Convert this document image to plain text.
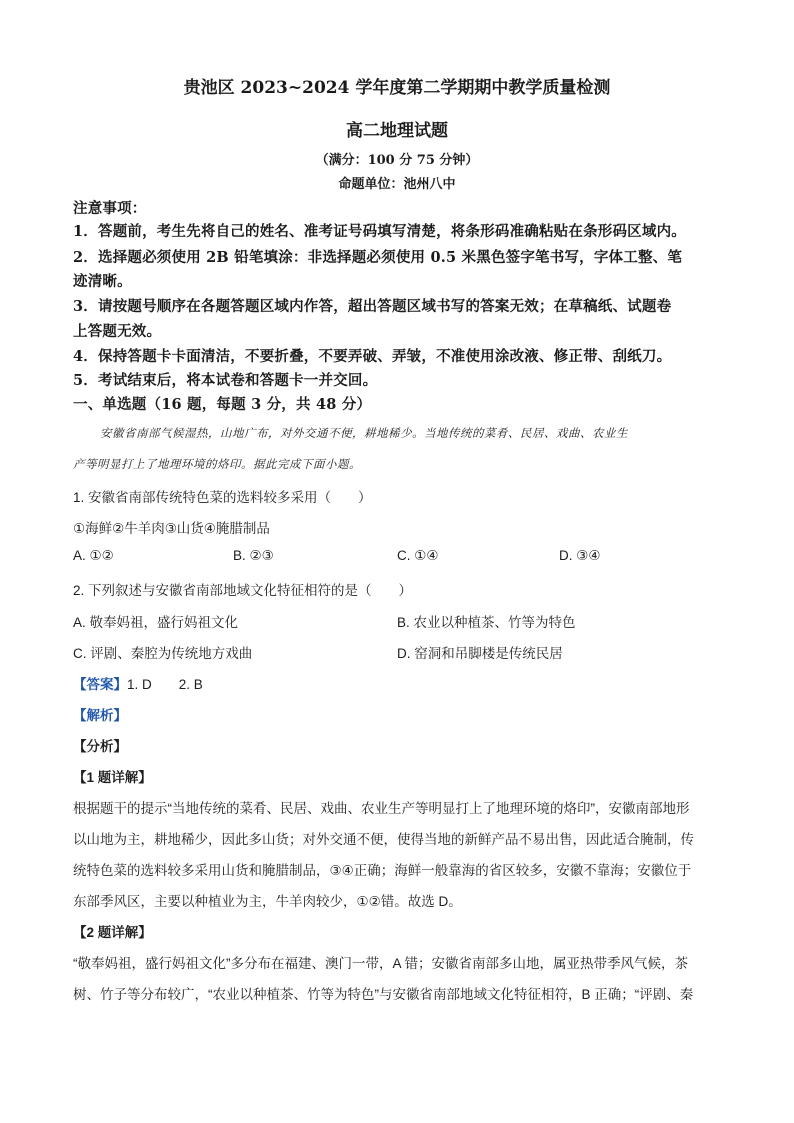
贵池区 2023~2024 学年度第二学期期中教学质量检测
高二地理试题
（满分：100 分 75 分钟）
命题单位：池州八中
注意事项：
1．答题前，考生先将自己的姓名、准考证号码填写清楚，将条形码准确粘贴在条形码区域内。
2．选择题必须使用 2B 铅笔填涂：非选择题必须使用 0.5 米黑色签字笔书写，字体工整、笔
迹清晰。
3．请按题号顺序在各题答题区域内作答，超出答题区域书写的答案无效；在草稿纸、试题卷
上答题无效。
4．保持答题卡卡面清洁，不要折叠，不要弄破、弄皱，不准使用涂改液、修正带、刮纸刀。
5．考试结束后，将本试卷和答题卡一并交回。
一、单选题（16 题，每题 3 分，共 48 分）
安徽省南部气候湿热，山地广布，对外交通不便，耕地稀少。当地传统的菜肴、民居、戏曲、农业生
产等明显打上了地理环境的烙印。据此完成下面小题。
1. 安徽省南部传统特色菜的选料较多采用（　　）
①海鲜②牛羊肉③山货④腌腊制品
A. ①②	B. ②③	C. ①④	D. ③④
2. 下列叙述与安徽省南部地域文化特征相符的是（　　）
A. 敬奉妈祖，盛行妈祖文化	B. 农业以种植茶、竹等为特色
C. 评剧、秦腔为传统地方戏曲	D. 窑洞和吊脚楼是传统民居
【答案】1. D　　2. B
【解析】
【分析】
【1 题详解】
根据题干的提示“当地传统的菜肴、民居、戏曲、农业生产等明显打上了地理环境的烙印”，安徽南部地形
以山地为主，耕地稀少，因此多山货；对外交通不便，使得当地的新鲜产品不易出售，因此适合腌制，传
统特色菜的选料较多采用山货和腌腊制品，③④正确；海鲜一般靠海的省区较多，安徽不靠海；安徽位于
东部季风区，主要以种植业为主，牛羊肉较少，①②错。故选 D。
【2 题详解】
“敬奉妈祖，盛行妈祖文化”多分布在福建、澳门一带，A 错；安徽省南部多山地，属亚热带季风气候，茶
树、竹子等分布较广，“农业以种植茶、竹等为特色”与安徽省南部地域文化特征相符，B 正确；“评剧、秦
